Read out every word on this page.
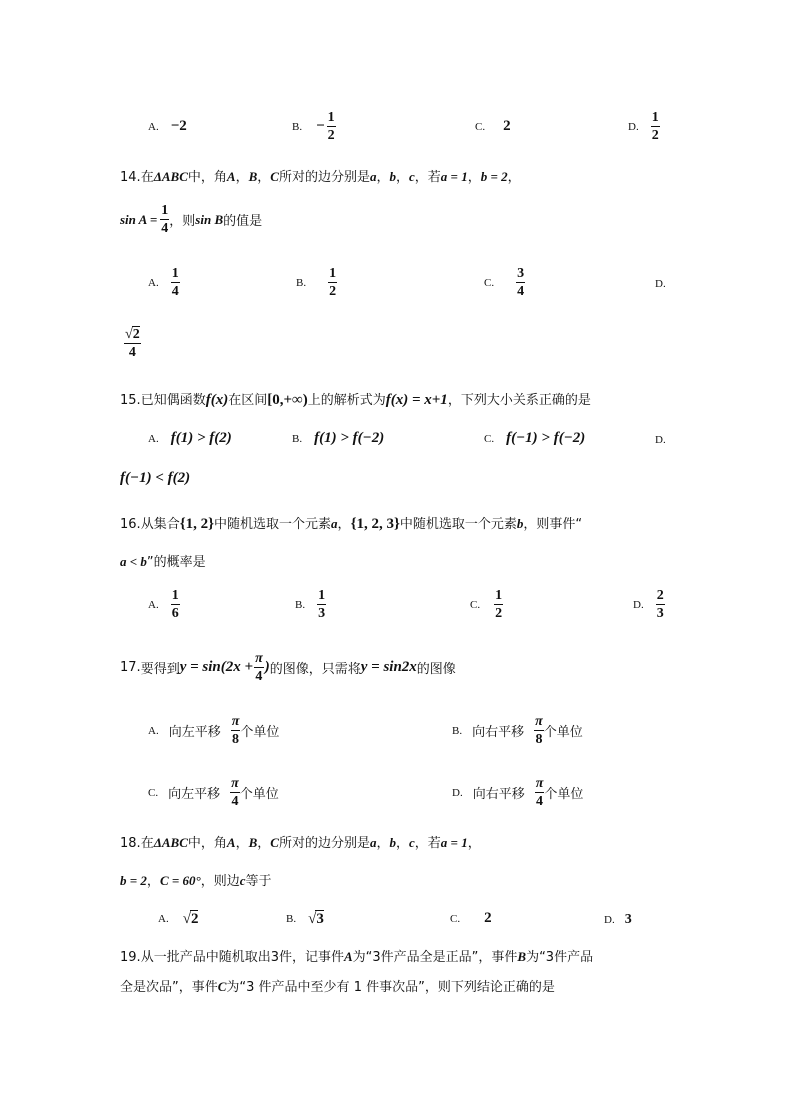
A. −2	B. − $\frac{1}{2}$	C. 2	D. $\frac{1}{2}$
14.在ΔABC中，角A，B，C所对的边分别是a，b，c，若a = 1，b = 2，
$\sin A = \frac{1}{4}$ ，则 sin B 的值是
A. $\frac{1}{4}$	B. $\frac{1}{2}$	C. $\frac{3}{4}$	D.
$\frac{√2}{4}$
15.已知偶函数f(x)在区间[0,+∞)上的解析式为f(x) = x+1，下列大小关系正确的是
A. f(1) > f(2)	B. f(1) > f(−2)	C. f(−1) > f(−2)	D.
f(−1) < f(2)
16.从集合{1, 2}中随机选取一个元素a，{1, 2, 3}中随机选取一个元素b，则事件“
a < b”的概率是
A. $\frac{1}{6}$	B. $\frac{1}{3}$	C. $\frac{1}{2}$	D. $\frac{2}{3}$
17. 要得到 $y = \sin(2x + \frac{\pi}{4}$ ) 的图像，只需将 y = sin2x 的图像
A. 向左平移 $\frac{\pi}{8}$ 个单位	B. 向右平移 $\frac{\pi}{8}$ 个单位
C. 向左平移 $\frac{\pi}{4}$ 个单位	D. 向右平移 $\frac{\pi}{4}$ 个单位
18.在ΔABC中，角A，B，C所对的边分别是a，b，c，若a = 1，
b = 2，C = 60°，则边c等于
A. √2	B. √3	C. 2	D. 3
19.从一批产品中随机取出3件，记事件A为“3件产品全是正品”，事件B为“3件产品
全是次品”，事件C为“3 件产品中至少有 1 件事次品”，则下列结论正确的是
